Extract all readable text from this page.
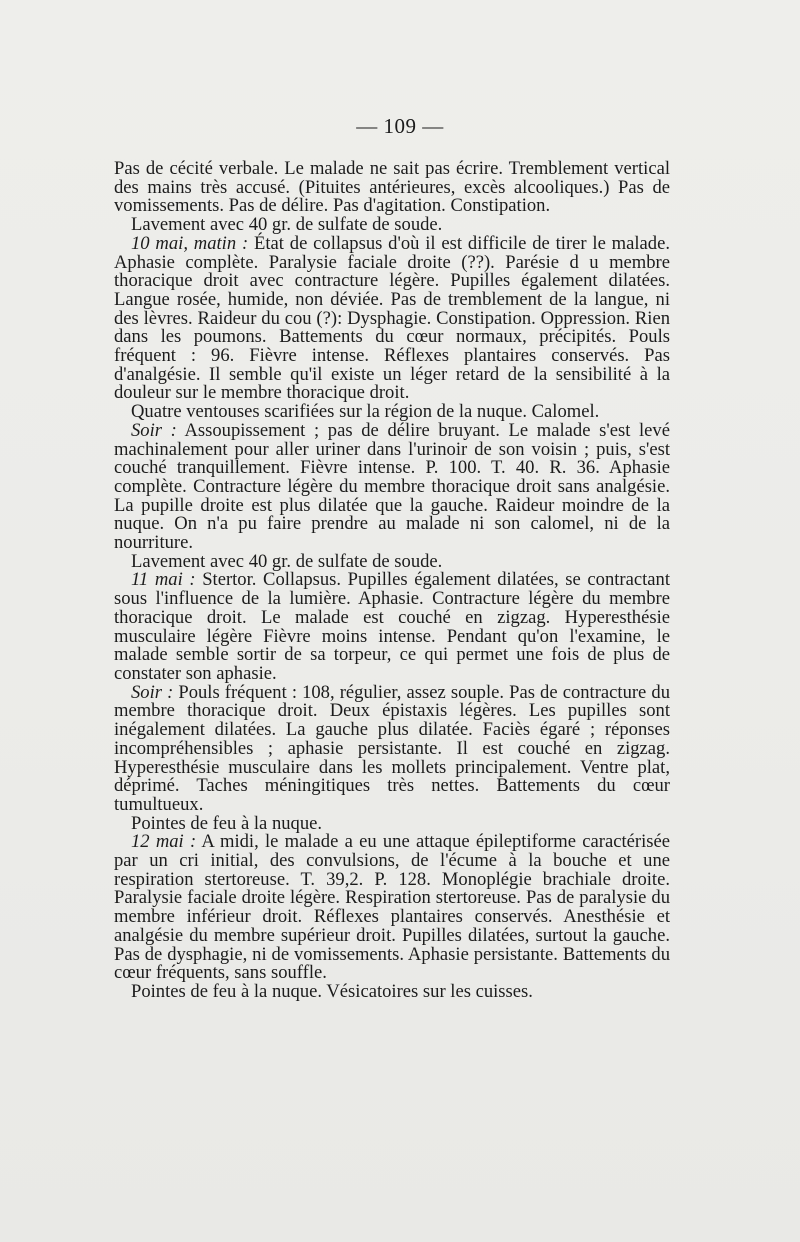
— 109 —

Pas de cécité verbale. Le malade ne sait pas écrire. Tremblement vertical des mains très accusé. (Pituites antérieures, excès alcooliques.) Pas de vomissements. Pas de délire. Pas d'agitation. Constipation.

Lavement avec 40 gr. de sulfate de soude.

10 mai, matin : État de collapsus d'où il est difficile de tirer le malade. Aphasie complète. Paralysie faciale droite (??). Parésie d u membre thoracique droit avec contracture légère. Pupilles également dilatées. Langue rosée, humide, non déviée. Pas de tremblement de la langue, ni des lèvres. Raideur du cou (?): Dysphagie. Constipation. Oppression. Rien dans les poumons. Battements du cœur normaux, précipités. Pouls fréquent : 96. Fièvre intense. Réflexes plantaires conservés. Pas d'analgésie. Il semble qu'il existe un léger retard de la sensibilité à la douleur sur le membre thoracique droit.

Quatre ventouses scarifiées sur la région de la nuque. Calomel.

Soir : Assoupissement ; pas de délire bruyant. Le malade s'est levé machinalement pour aller uriner dans l'urinoir de son voisin ; puis, s'est couché tranquillement. Fièvre intense. P. 100. T. 40. R. 36. Aphasie complète. Contracture légère du membre thoracique droit sans analgésie. La pupille droite est plus dilatée que la gauche. Raideur moindre de la nuque. On n'a pu faire prendre au malade ni son calomel, ni de la nourriture.

Lavement avec 40 gr. de sulfate de soude.

11 mai : Stertor. Collapsus. Pupilles également dilatées, se contractant sous l'influence de la lumière. Aphasie. Contracture légère du membre thoracique droit. Le malade est couché en zigzag. Hyperesthésie musculaire légère Fièvre moins intense. Pendant qu'on l'examine, le malade semble sortir de sa torpeur, ce qui permet une fois de plus de constater son aphasie.

Soir : Pouls fréquent : 108, régulier, assez souple. Pas de contracture du membre thoracique droit. Deux épistaxis légères. Les pupilles sont inégalement dilatées. La gauche plus dilatée. Faciès égaré ; réponses incompréhensibles ; aphasie persistante. Il est couché en zigzag. Hyperesthésie musculaire dans les mollets principalement. Ventre plat, déprimé. Taches méningitiques très nettes. Battements du cœur tumultueux.

Pointes de feu à la nuque.

12 mai : A midi, le malade a eu une attaque épileptiforme caractérisée par un cri initial, des convulsions, de l'écume à la bouche et une respiration stertoreuse. T. 39,2. P. 128. Monoplégie brachiale droite. Paralysie faciale droite légère. Respiration stertoreuse. Pas de paralysie du membre inférieur droit. Réflexes plantaires conservés. Anesthésie et analgésie du membre supérieur droit. Pupilles dilatées, surtout la gauche. Pas de dysphagie, ni de vomissements. Aphasie persistante. Battements du cœur fréquents, sans souffle.

Pointes de feu à la nuque. Vésicatoires sur les cuisses.
